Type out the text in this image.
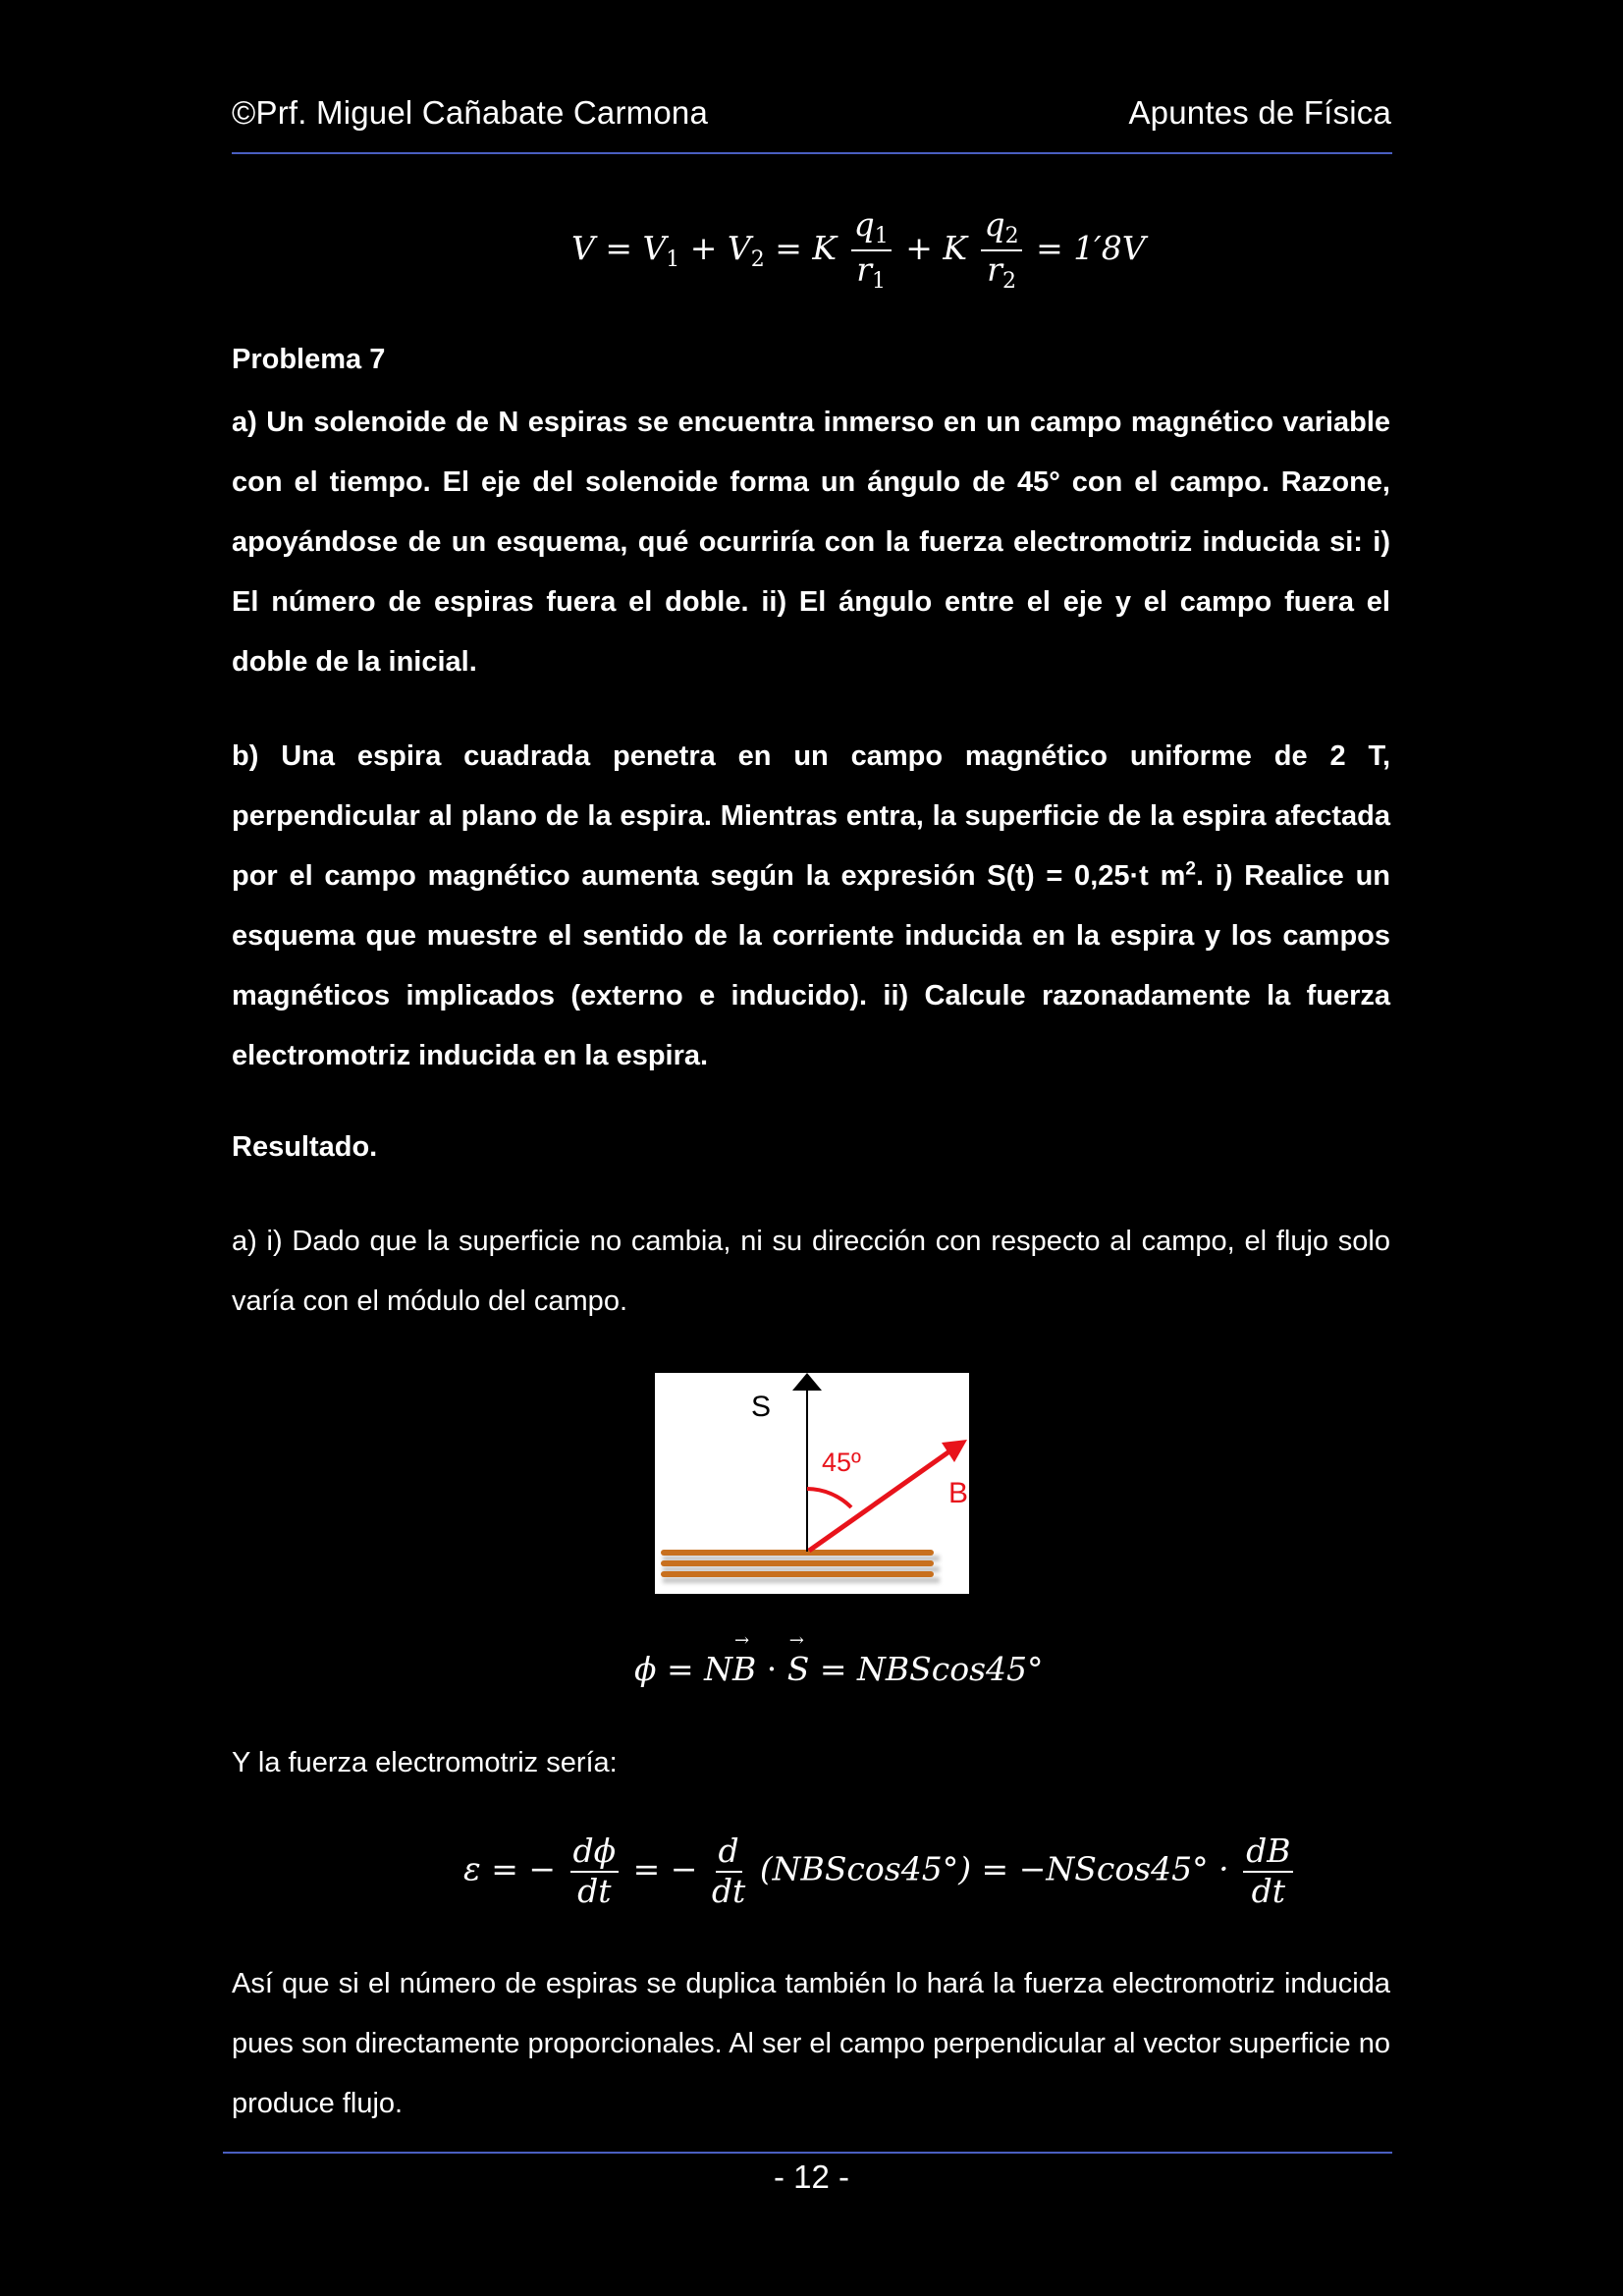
©Prf. Miguel Cañabate Carmona	Apuntes de Física
$V = V_1 + V_2 = K \frac{q_1}{r_1} + K \frac{q_2}{r_2} = 1'8V$
Problema 7
a) Un solenoide de N espiras se encuentra inmerso en un campo magnético variable con el tiempo. El eje del solenoide forma un ángulo de 45° con el campo. Razone, apoyándose de un esquema, qué ocurriría con la fuerza electromotriz inducida si: i) El número de espiras fuera el doble. ii) El ángulo entre el eje y el campo fuera el doble de la inicial.
b) Una espira cuadrada penetra en un campo magnético uniforme de 2 T, perpendicular al plano de la espira. Mientras entra, la superficie de la espira afectada por el campo magnético aumenta según la expresión S(t) = 0,25·t $m^2$. i) Realice un esquema que muestre el sentido de la corriente inducida en la espira y los campos magnéticos implicados (externo e inducido). ii) Calcule razonadamente la fuerza electromotriz inducida en la espira.
Resultado.
a) i) Dado que la superficie no cambia, ni su dirección con respecto al campo, el flujo solo varía con el módulo del campo.
S
45º
B
ϕ = N→ B · → S = NBScos45°
Y la fuerza electromotriz sería:
ε = − $\frac{d\phi}{dt}$ = − $\frac{d}{dt} (NBScos45^\circ) = -NScos45^\circ \cdot \frac{dB}{dt}$
Así que si el número de espiras se duplica también lo hará la fuerza electromotriz inducida pues son directamente proporcionales. Al ser el campo perpendicular al vector superficie no produce flujo.
- 12 -
